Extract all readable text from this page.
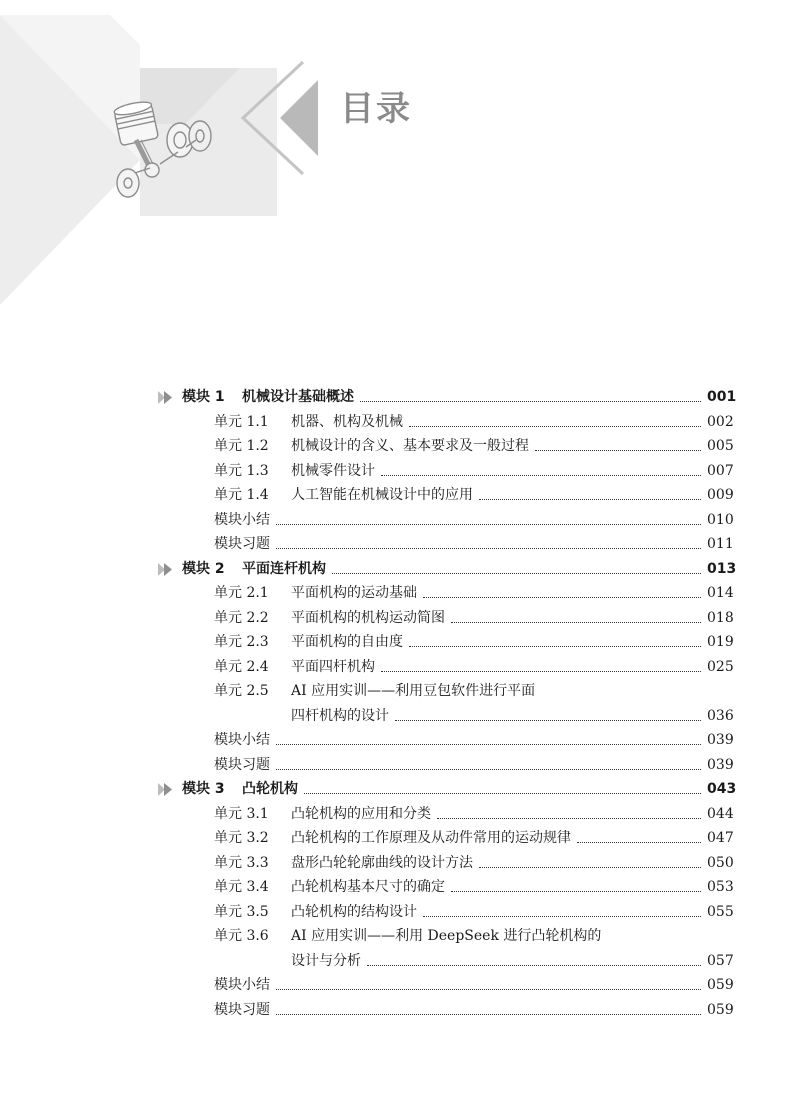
目录
模块 1	机械设计基础概述	001
单元 1.1	机器、机构及机械	002
单元 1.2	机械设计的含义、基本要求及一般过程	005
单元 1.3	机械零件设计	007
单元 1.4	人工智能在机械设计中的应用	009
模块小结	010
模块习题	011
模块 2	平面连杆机构	013
单元 2.1	平面机构的运动基础	014
单元 2.2	平面机构的机构运动简图	018
单元 2.3	平面机构的自由度	019
单元 2.4	平面四杆机构	025
单元 2.5	AI 应用实训——利用豆包软件进行平面
四杆机构的设计	036
模块小结	039
模块习题	039
模块 3	凸轮机构	043
单元 3.1	凸轮机构的应用和分类	044
单元 3.2	凸轮机构的工作原理及从动件常用的运动规律	047
单元 3.3	盘形凸轮轮廓曲线的设计方法	050
单元 3.4	凸轮机构基本尺寸的确定	053
单元 3.5	凸轮机构的结构设计	055
单元 3.6	AI 应用实训——利用 DeepSeek 进行凸轮机构的
设计与分析	057
模块小结	059
模块习题	059
